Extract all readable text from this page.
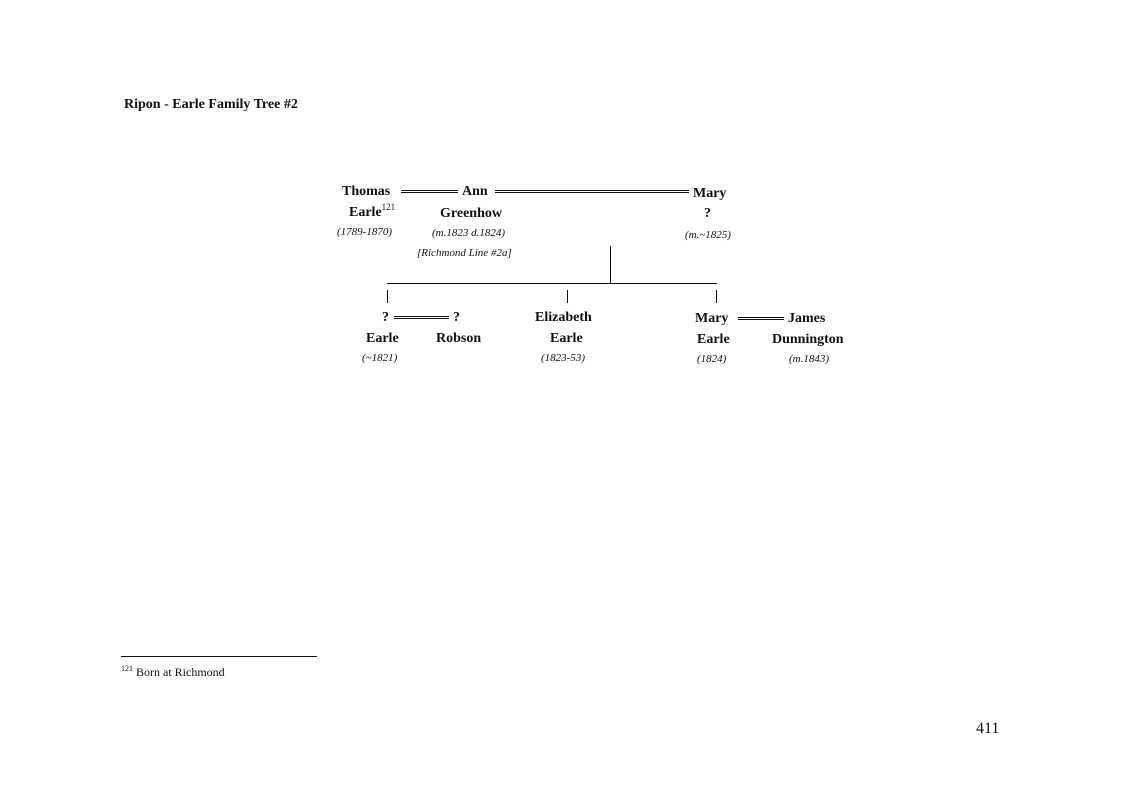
Ripon - Earle Family Tree #2
Thomas	Ann	Mary
Earle$^{121}$	Greenhow	?
(1789-1870)	(m.1823 d.1824)	(m.~1825)
[Richmond Line #2a]
?	?	Elizabeth	Mary	James
Earle	Robson	Earle	Earle	Dunnington
(~1821)	(1823-53)	(1824)	(m.1843)
$^{121}$ Born at Richmond
411
